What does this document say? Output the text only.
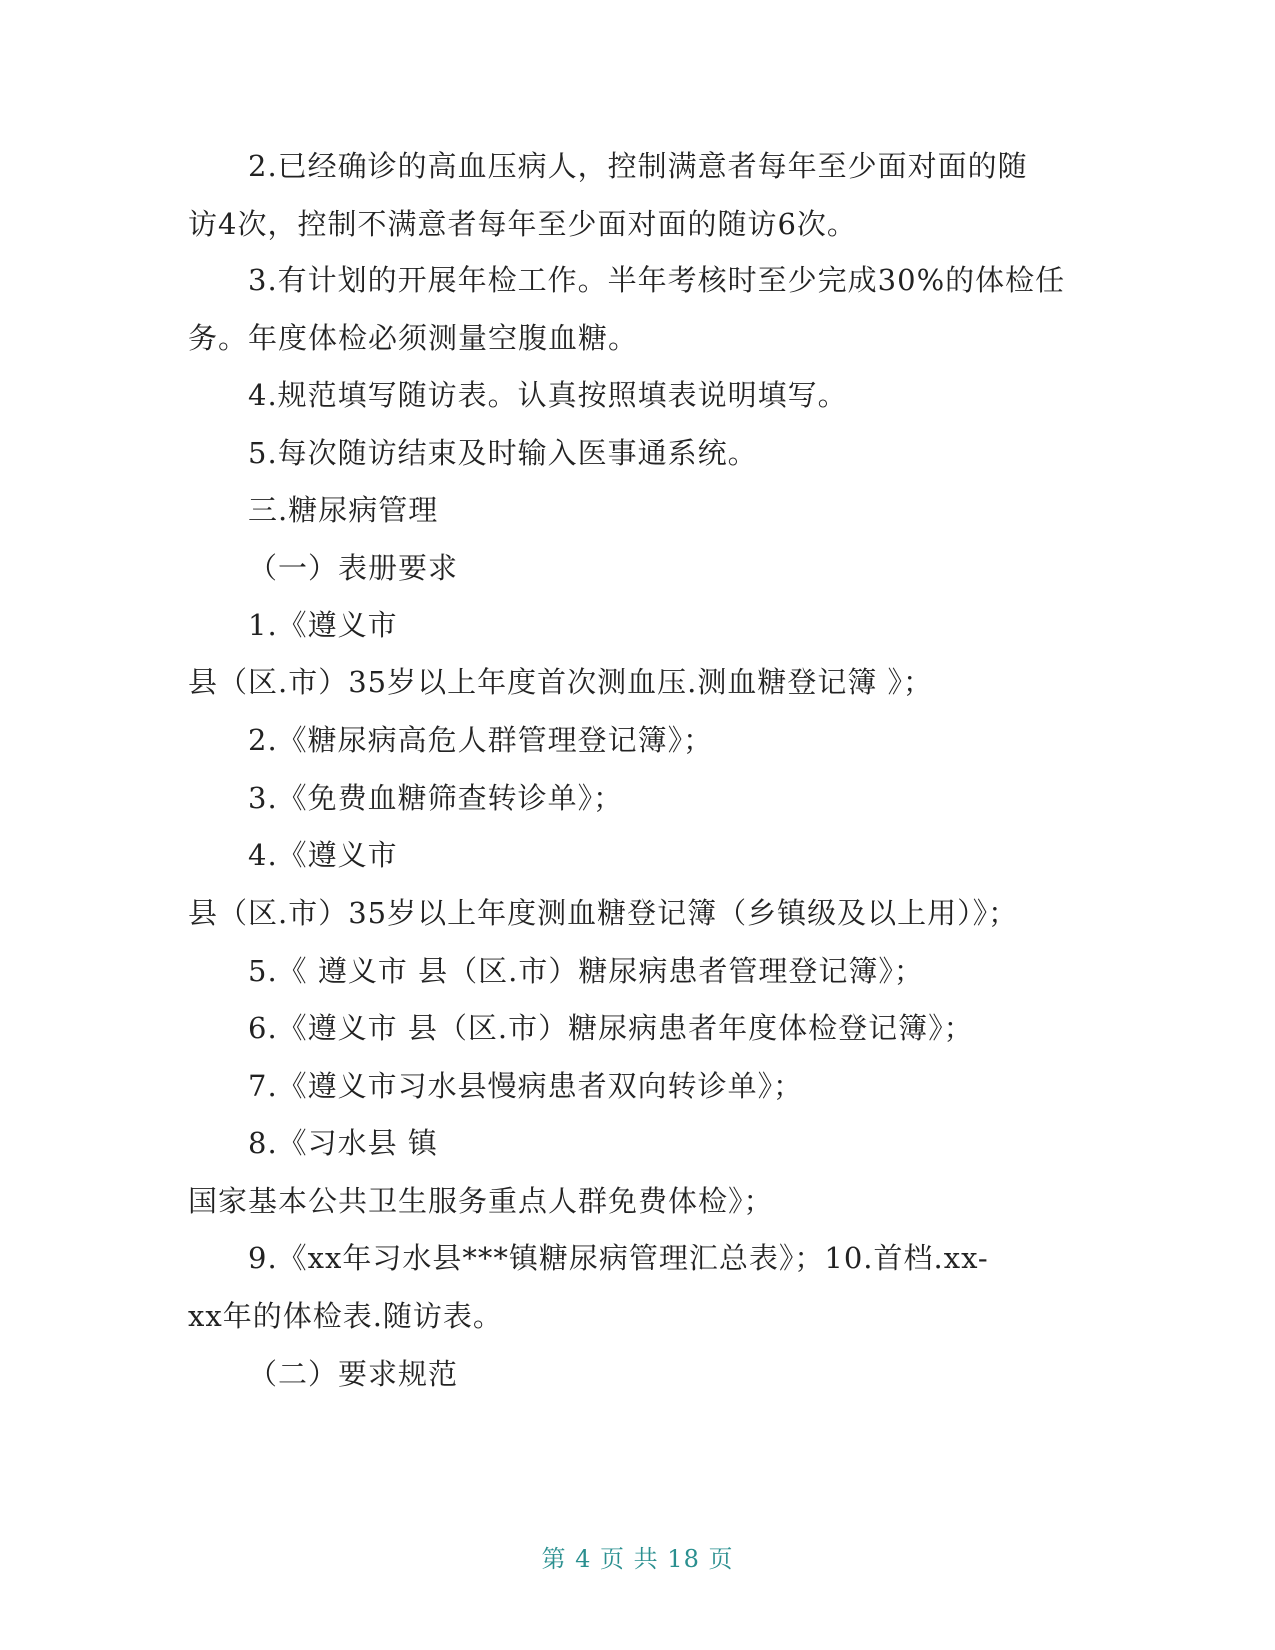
2.已经确诊的高血压病人，控制满意者每年至少面对面的随
访4次，控制不满意者每年至少面对面的随访6次。
3.有计划的开展年检工作。半年考核时至少完成30%的体检任
务。年度体检必须测量空腹血糖。
4.规范填写随访表。认真按照填表说明填写。
5.每次随访结束及时输入医事通系统。
三.糖尿病管理
（一）表册要求
1.《遵义市
县（区.市）35岁以上年度首次测血压.测血糖登记簿 》；
2.《糖尿病高危人群管理登记簿》；
3.《免费血糖筛查转诊单》；
4.《遵义市
县（区.市）35岁以上年度测血糖登记簿（乡镇级及以上用）》；
5.《 遵义市 县（区.市）糖尿病患者管理登记簿》；
6.《遵义市 县（区.市）糖尿病患者年度体检登记簿》；
7.《遵义市习水县慢病患者双向转诊单》；
8.《习水县 镇
国家基本公共卫生服务重点人群免费体检》；
9.《xx年习水县***镇糖尿病管理汇总表》；10.首档.xx-
xx年的体检表.随访表。
（二）要求规范
第 4 页 共 18 页
